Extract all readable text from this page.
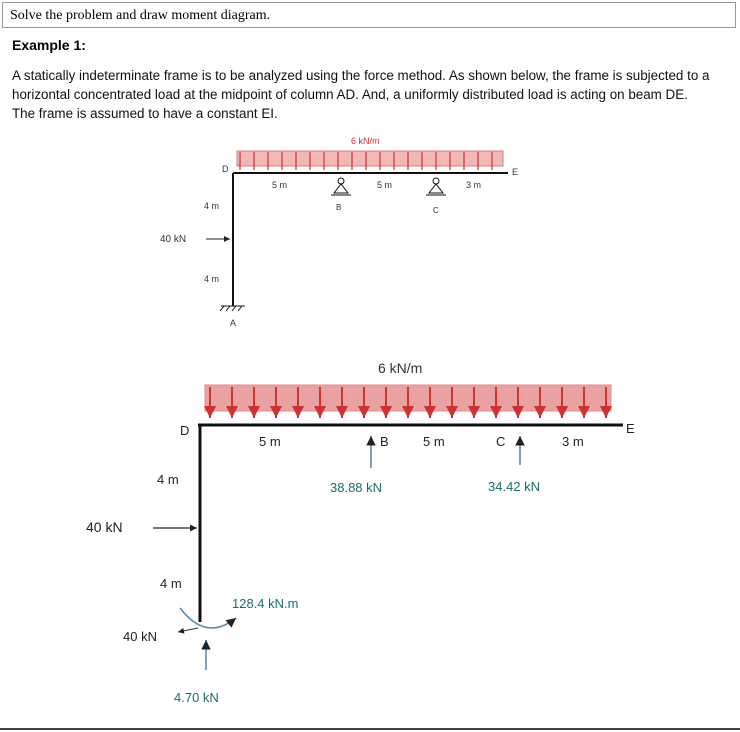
Solve the problem and draw moment diagram.
Example 1:
A statically indeterminate frame is to be analyzed using the force method. As shown below, the frame is subjected to a horizontal concentrated load at the midpoint of column AD. And, a uniformly distributed load is acting on beam DE. The frame is assumed to have a constant EI.
6 kN/m
40 kN
D	E
B	C
A
5 m	5 m	3 m
4 m
4 m
6 kN/m
D	E
B	C
5 m	5 m	3 m
4 m
4 m
40 kN
38.88 kN	34.42 kN
128.4 kN.m
40 kN
4.70 kN
